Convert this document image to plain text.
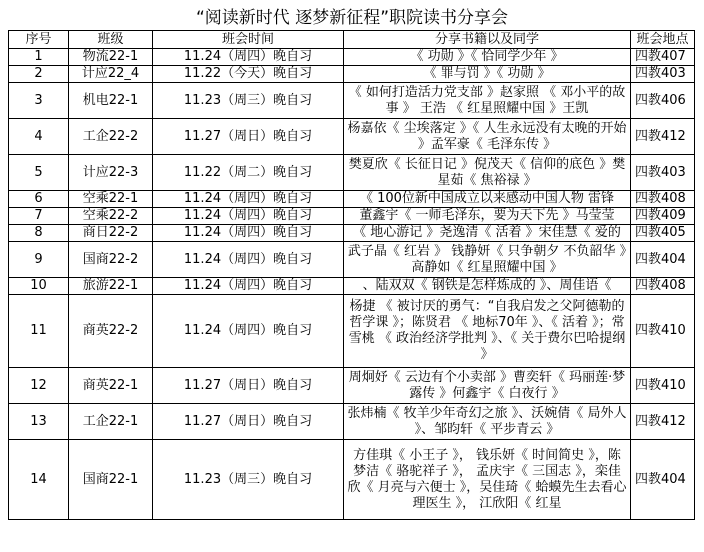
“阅读新时代 逐梦新征程”职院读书分享会
序号	班级	班会时间	分享书籍以及同学	班会地点
1	物流22-1	11.24（周四）晚自习	《 功勋 》《 恰同学少年 》	四教407
2	计应22_4	11.22（今天）晚自习	《 罪与罚 》《 功勋 》	四教403
3	机电22-1	11.23（周三）晚自习	《 如何打造活力党支部 》赵家照 《 邓小平的故事 》 王浩 《 红星照耀中国 》王凯	四教406
4	工企22-2	11.27（周日）晚自习	杨嘉依《 尘埃落定 》《 人生永远没有太晚的开始 》孟军豪《 毛泽东传 》	四教412
5	计应22-3	11.22（周二）晚自习	樊夏欣《 长征日记 》倪茂天《 信仰的底色 》樊星茹《 焦裕禄 》	四教403
6	空乘22-1	11.24（周四）晚自习	《 100位新中国成立以来感动中国人物 雷锋	四教408
7	空乘22-2	11.24（周四）晚自习	董鑫宇《 一师毛泽东，要为天下先 》马莹莹	四教409
8	商日22-2	11.24（周四）晚自习	《 地心游记 》尧逸清《 活着 》宋佳慧《 爱的	四教405
9	国商22-2	11.24（周四）晚自习	武子晶《 红岩 》 钱静妍《 只争朝夕 不负韶华 》高静如《 红星照耀中国 》	四教404
10	旅游22-1	11.24（周四）晚自习	、陆双双《 钢铁是怎样炼成的 》、周佳语《	四教408
11	商英22-2	11.24（周四）晚自习	杨捷 《 被讨厌的勇气：“自我启发之父阿德勒的哲学课 》；陈贤君 《 地标70年 》、《 活着 》；常雪桃 《 政治经济学批判 》、《 关于费尔巴哈提纲 》	四教410
12	商英22-1	11.27（周日）晚自习	周炯妤《 云边有个小卖部 》曹奕轩《 玛丽莲·梦露传 》何鑫宇《 白夜行 》	四教410
13	工企22-1	11.27（周日）晚自习	张炜楠《 牧羊少年奇幻之旅 》、沃婉倩《 局外人 》、邹昀轩《 平步青云 》	四教412
14	国商22-1	11.23（周三）晚自习	方佳琪《 小王子 》， 钱乐妍《 时间简史 》，陈梦洁《 骆驼祥子 》， 孟庆宇《 三国志 》，栾佳欣《 月亮与六便士 》，吴佳琦《 蛤蟆先生去看心理医生 》， 江欣阳《 红星	四教404
